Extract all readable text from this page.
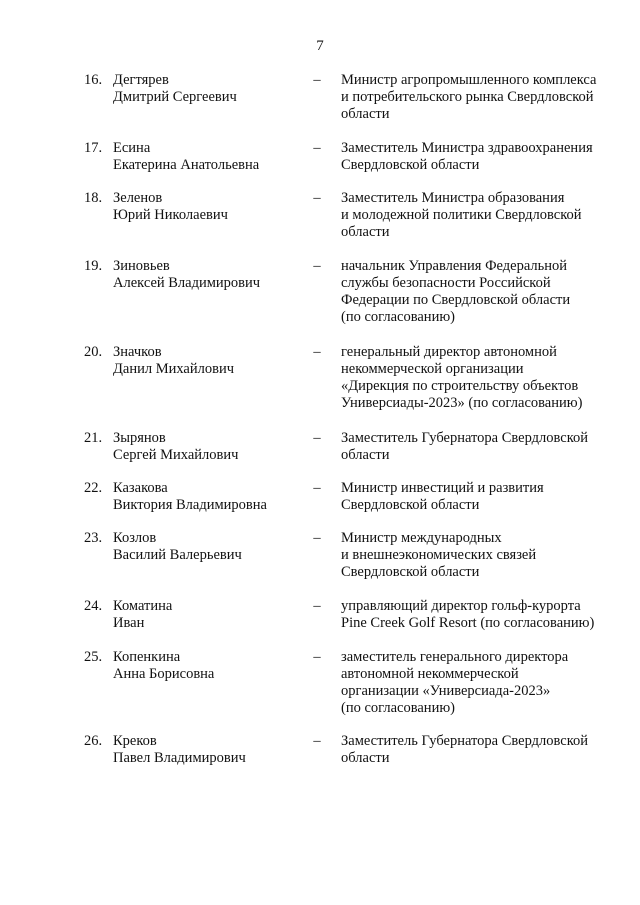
7
16. Дегтярев
Дмитрий Сергеевич
–	Министр агропромышленного комплекса
и потребительского рынка Свердловской
области
17. Есина
Екатерина Анатольевна
–	Заместитель Министра здравоохранения
Свердловской области
18. Зеленов
Юрий Николаевич
–	Заместитель Министра образования
и молодежной политики Свердловской
области
19. Зиновьев
Алексей Владимирович
–	начальник Управления Федеральной
службы безопасности Российской
Федерации по Свердловской области
(по согласованию)
20. Значков
Данил Михайлович
–	генеральный директор автономной
некоммерческой организации
«Дирекция по строительству объектов
Универсиады-2023» (по согласованию)
21. Зырянов
Сергей Михайлович
–	Заместитель Губернатора Свердловской
области
22. Казакова
Виктория Владимировна
–	Министр инвестиций и развития
Свердловской области
23. Козлов
Василий Валерьевич
–	Министр международных
и внешнеэкономических связей
Свердловской области
24. Коматина
Иван
–	управляющий директор гольф-курорта
Pine Creek Golf Resort (по согласованию)
25. Копенкина
Анна Борисовна
–	заместитель генерального директора
автономной некоммерческой
организации «Универсиада-2023»
(по согласованию)
26. Креков
Павел Владимирович
–	Заместитель Губернатора Свердловской
области
